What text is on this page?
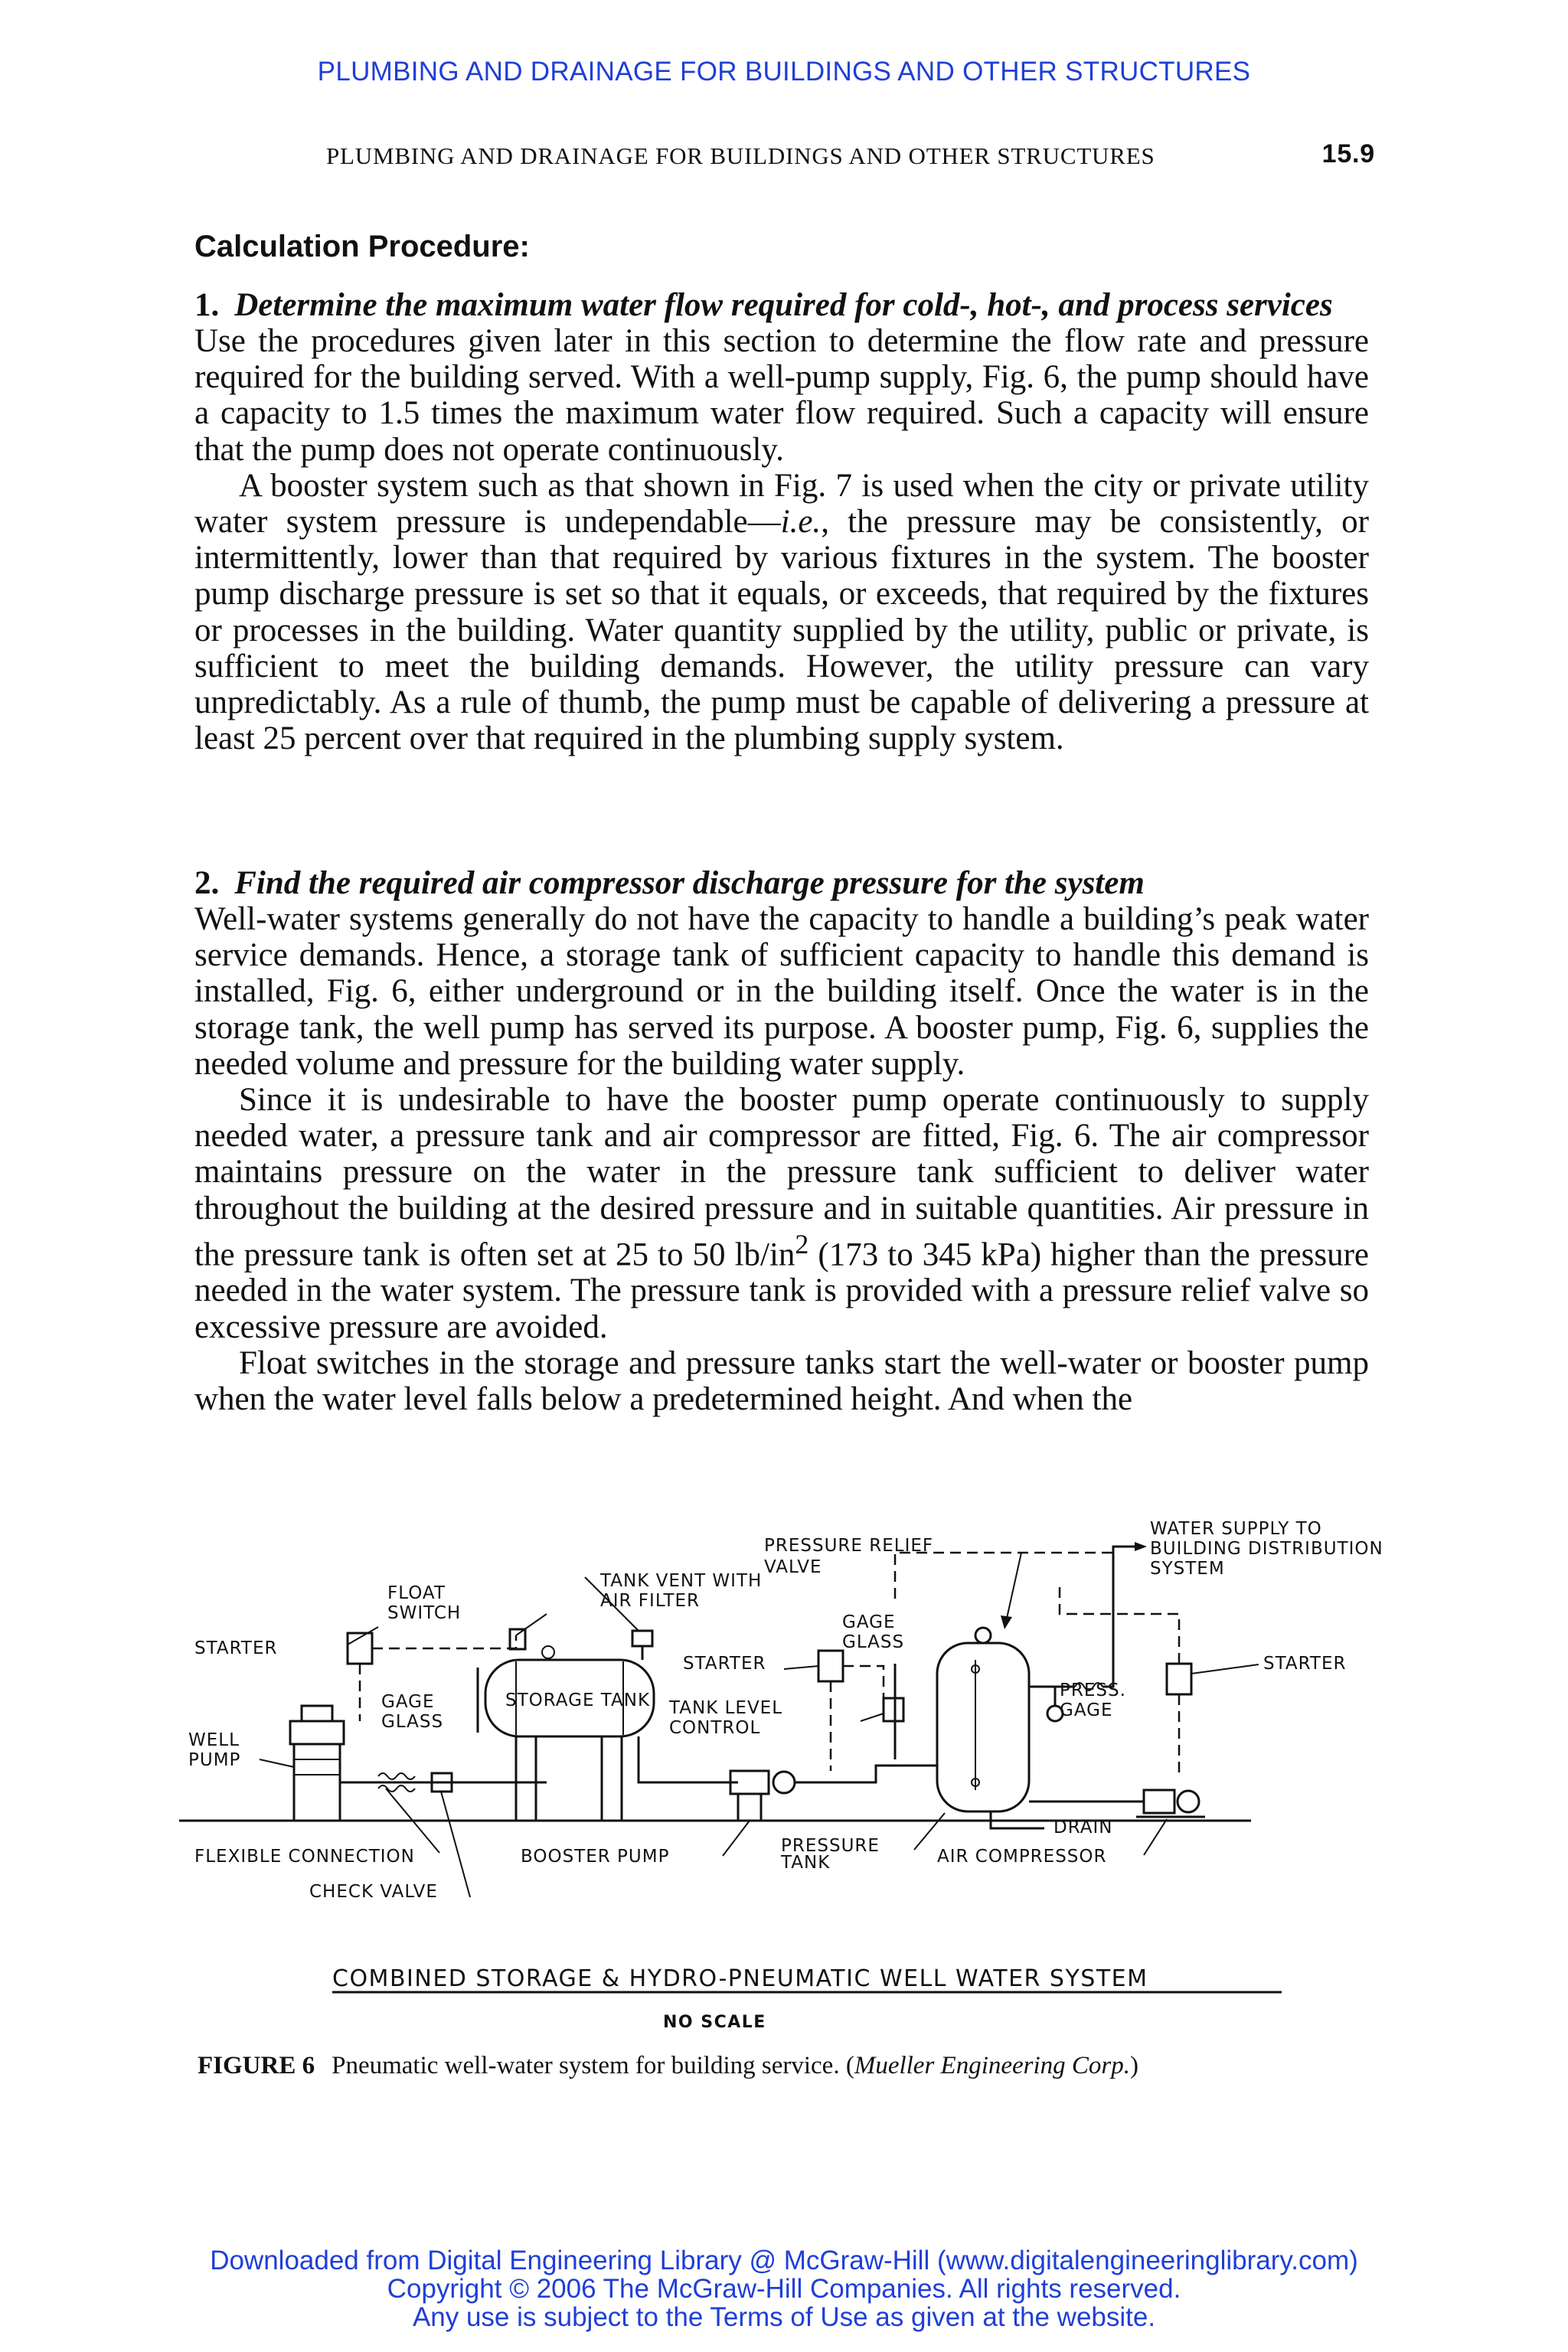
PLUMBING AND DRAINAGE FOR BUILDINGS AND OTHER STRUCTURES
PLUMBING AND DRAINAGE FOR BUILDINGS AND OTHER STRUCTURES	15.9
Calculation Procedure:

1. Determine the maximum water flow required for cold-, hot-, and process services

Use the procedures given later in this section to determine the flow rate and pressure required for the building served. With a well-pump supply, Fig. 6, the pump should have a capacity to 1.5 times the maximum water flow required. Such a capacity will ensure that the pump does not operate continuously.

A booster system such as that shown in Fig. 7 is used when the city or private utility water system pressure is undependable—i.e., the pressure may be consistently, or intermittently, lower than that required by various fixtures in the system. The booster pump discharge pressure is set so that it equals, or exceeds, that required by the fixtures or processes in the building. Water quantity supplied by the utility, public or private, is sufficient to meet the building demands. However, the utility pressure can vary unpredictably. As a rule of thumb, the pump must be capable of delivering a pressure at least 25 percent over that required in the plumbing supply system.

2. Find the required air compressor discharge pressure for the system

Well-water systems generally do not have the capacity to handle a building’s peak water service demands. Hence, a storage tank of sufficient capacity to handle this demand is installed, Fig. 6, either underground or in the building itself. Once the water is in the storage tank, the well pump has served its purpose. A booster pump, Fig. 6, supplies the needed volume and pressure for the building water supply.

Since it is undesirable to have the booster pump operate continuously to supply needed water, a pressure tank and air compressor are fitted, Fig. 6. The air compressor maintains pressure on the water in the pressure tank sufficient to deliver water throughout the building at the desired pressure and in suitable quantities. Air pressure in the pressure tank is often set at 25 to 50 $lb/in^2$ (173 to 345 kPa) higher than the pressure needed in the water system. The pressure tank is provided with a pressure relief valve so excessive pressure are avoided.

Float switches in the storage and pressure tanks start the well-water or booster pump when the water level falls below a predetermined height. And when the

PRESSURE RELIEF
VALVE
WATER SUPPLY TO
BUILDING DISTRIBUTION
SYSTEM
TANK VENT WITH
AIR FILTER
FLOAT
SWITCH	GAGE
GLASS
STARTER
STARTER	STARTER
GAGE
GLASS
STORAGE TANK TANK LEVEL
CONTROL
PRESS.
GAGE
WELL
PUMP
DRAIN
FLEXIBLE CONNECTION	BOOSTER PUMP
PRESSURE
TANK	AIR COMPRESSOR
CHECK VALVE
COMBINED STORAGE & HYDRO-PNEUMATIC WELL WATER SYSTEM
NO SCALE
FIGURE 6 Pneumatic well-water system for building service. (Mueller Engineering Corp.)
Downloaded from Digital Engineering Library @ McGraw-Hill (www.digitalengineeringlibrary.com)
Copyright © 2006 The McGraw-Hill Companies. All rights reserved.
Any use is subject to the Terms of Use as given at the website.
